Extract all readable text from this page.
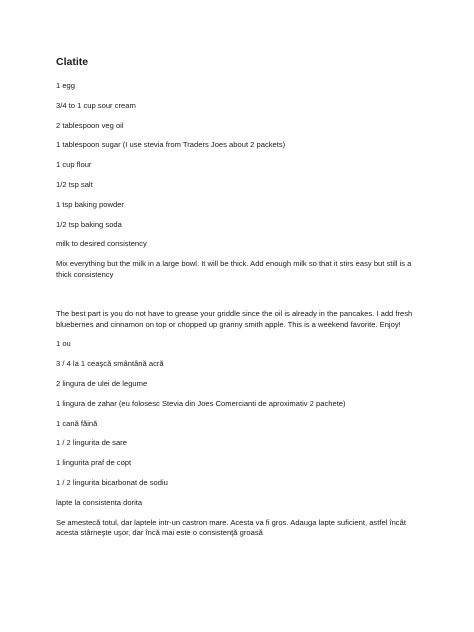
Clatite
1 egg
3/4 to 1 cup sour cream
2 tablespoon veg oil
1 tablespoon sugar (I use stevia from Traders Joes about 2 packets)
1 cup flour
1/2 tsp salt
1 tsp baking powder
1/2 tsp baking soda
milk to desired consistency
Mix everything but the milk in a large bowl. It will be thick. Add enough milk so that it stirs easy but still is a thick consistency
The best part is you do not have to grease your griddle since the oil is already in the pancakes. I add fresh blueberries and cinnamon on top or chopped up granny smith apple. This is a weekend favorite. Enjoy!
1 ou
3 / 4 la 1 ceaşcă smântână acră
2 lingura de ulei de legume
1 lingura de zahar (eu folosesc Stevia din Joes Comercianti de aproximativ 2 pachete)
1 cană făină
1 / 2 lingurita de sare
1 lingurita praf de copt
1 / 2 lingurita bicarbonat de sodiu
lapte la consistenta dorita
Se amestecă totul, dar laptele intr-un castron mare. Acesta va fi gros. Adauga lapte suficient, astfel încât acesta stârneşte uşor, dar încă mai este o consistenţă groasă
